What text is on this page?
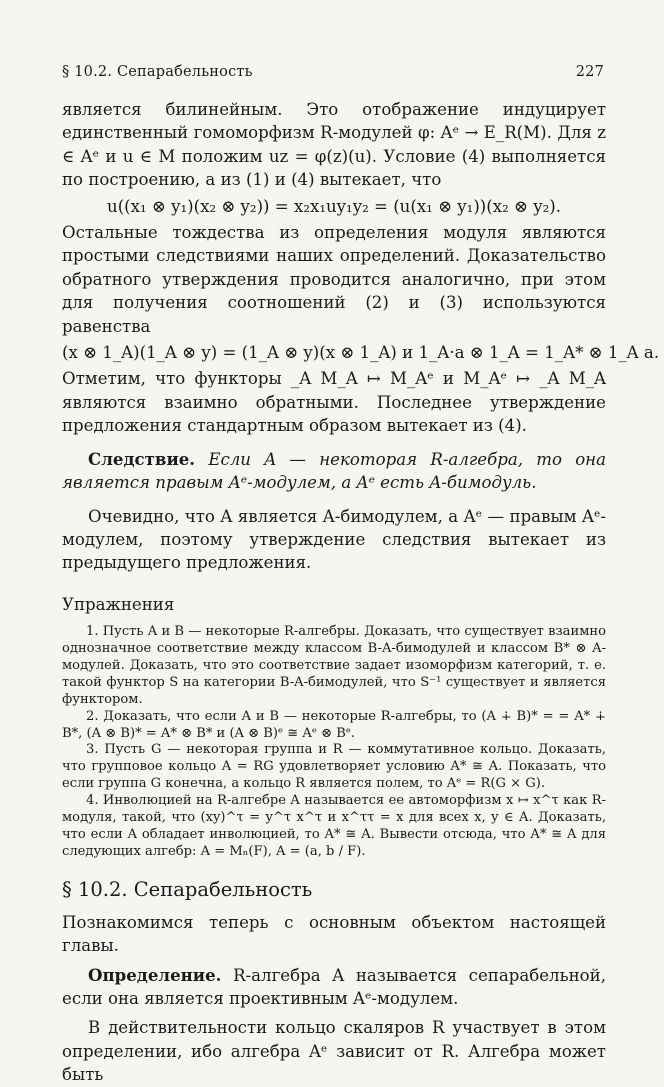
§ 10.2. Сепарабельность	227

является билинейным. Это отображение индуцирует единственный гомоморфизм R-модулей φ: Aᵉ → E_R(M). Для z ∈ Aᵉ и u ∈ M положим uz = φ(z)(u). Условие (4) выполняется по построению, а из (1) и (4) вытекает, что

u((x₁ ⊗ y₁)(x₂ ⊗ y₂)) = x₂x₁uy₁y₂ = (u(x₁ ⊗ y₁))(x₂ ⊗ y₂).

Остальные тождества из определения модуля являются простыми следствиями наших определений. Доказательство обратного утверждения проводится аналогично, при этом для получения соотношений (2) и (3) используются равенства

(x ⊗ 1_A)(1_A ⊗ y) = (1_A ⊗ y)(x ⊗ 1_A) и 1_A·a ⊗ 1_A = 1_A* ⊗ 1_A a.

Отметим, что функторы _A M_A ↦ M_Aᵉ и M_Aᵉ ↦ _A M_A являются взаимно обратными. Последнее утверждение предложения стандартным образом вытекает из (4).

Следствие. Если A — некоторая R-алгебра, то она является правым Aᵉ-модулем, а Aᵉ есть A-бимодуль.

Очевидно, что A является A-бимодулем, а Aᵉ — правым Aᵉ-модулем, поэтому утверждение следствия вытекает из предыдущего предложения.

Упражнения

1. Пусть A и B — некоторые R-алгебры. Доказать, что существует взаимно однозначное соответствие между классом B-A-бимодулей и классом B* ⊗ A-модулей. Доказать, что это соответствие задает изоморфизм категорий, т. е. такой функтор S на категории B-A-бимодулей, что S⁻¹ существует и является функтором.

2. Доказать, что если A и B — некоторые R-алгебры, то (A ∔ B)* = = A* ∔ B*, (A ⊗ B)* = A* ⊗ B* и (A ⊗ B)ᵉ ≅ Aᵉ ⊗ Bᵉ.

3. Пусть G — некоторая группа и R — коммутативное кольцо. Доказать, что групповое кольцо A = RG удовлетворяет условию A* ≅ A. Показать, что если группа G конечна, а кольцо R является полем, то Aᵉ = R(G × G).

4. Инволюцией на R-алгебре A называется ее автоморфизм x ↦ x^τ как R-модуля, такой, что (xy)^τ = y^τ x^τ и x^ττ = x для всех x, y ∈ A. Доказать, что если A обладает инволюцией, то A* ≅ A. Вывести отсюда, что A* ≅ A для следующих алгебр: A = Mₙ(F), A = (a, b / F).

§ 10.2. Сепарабельность

Познакомимся теперь с основным объектом настоящей главы.

Определение. R-алгебра A называется сепарабельной, если она является проективным Aᵉ-модулем.

В действительности кольцо скаляров R участвует в этом определении, ибо алгебра Aᵉ зависит от R. Алгебра может быть
